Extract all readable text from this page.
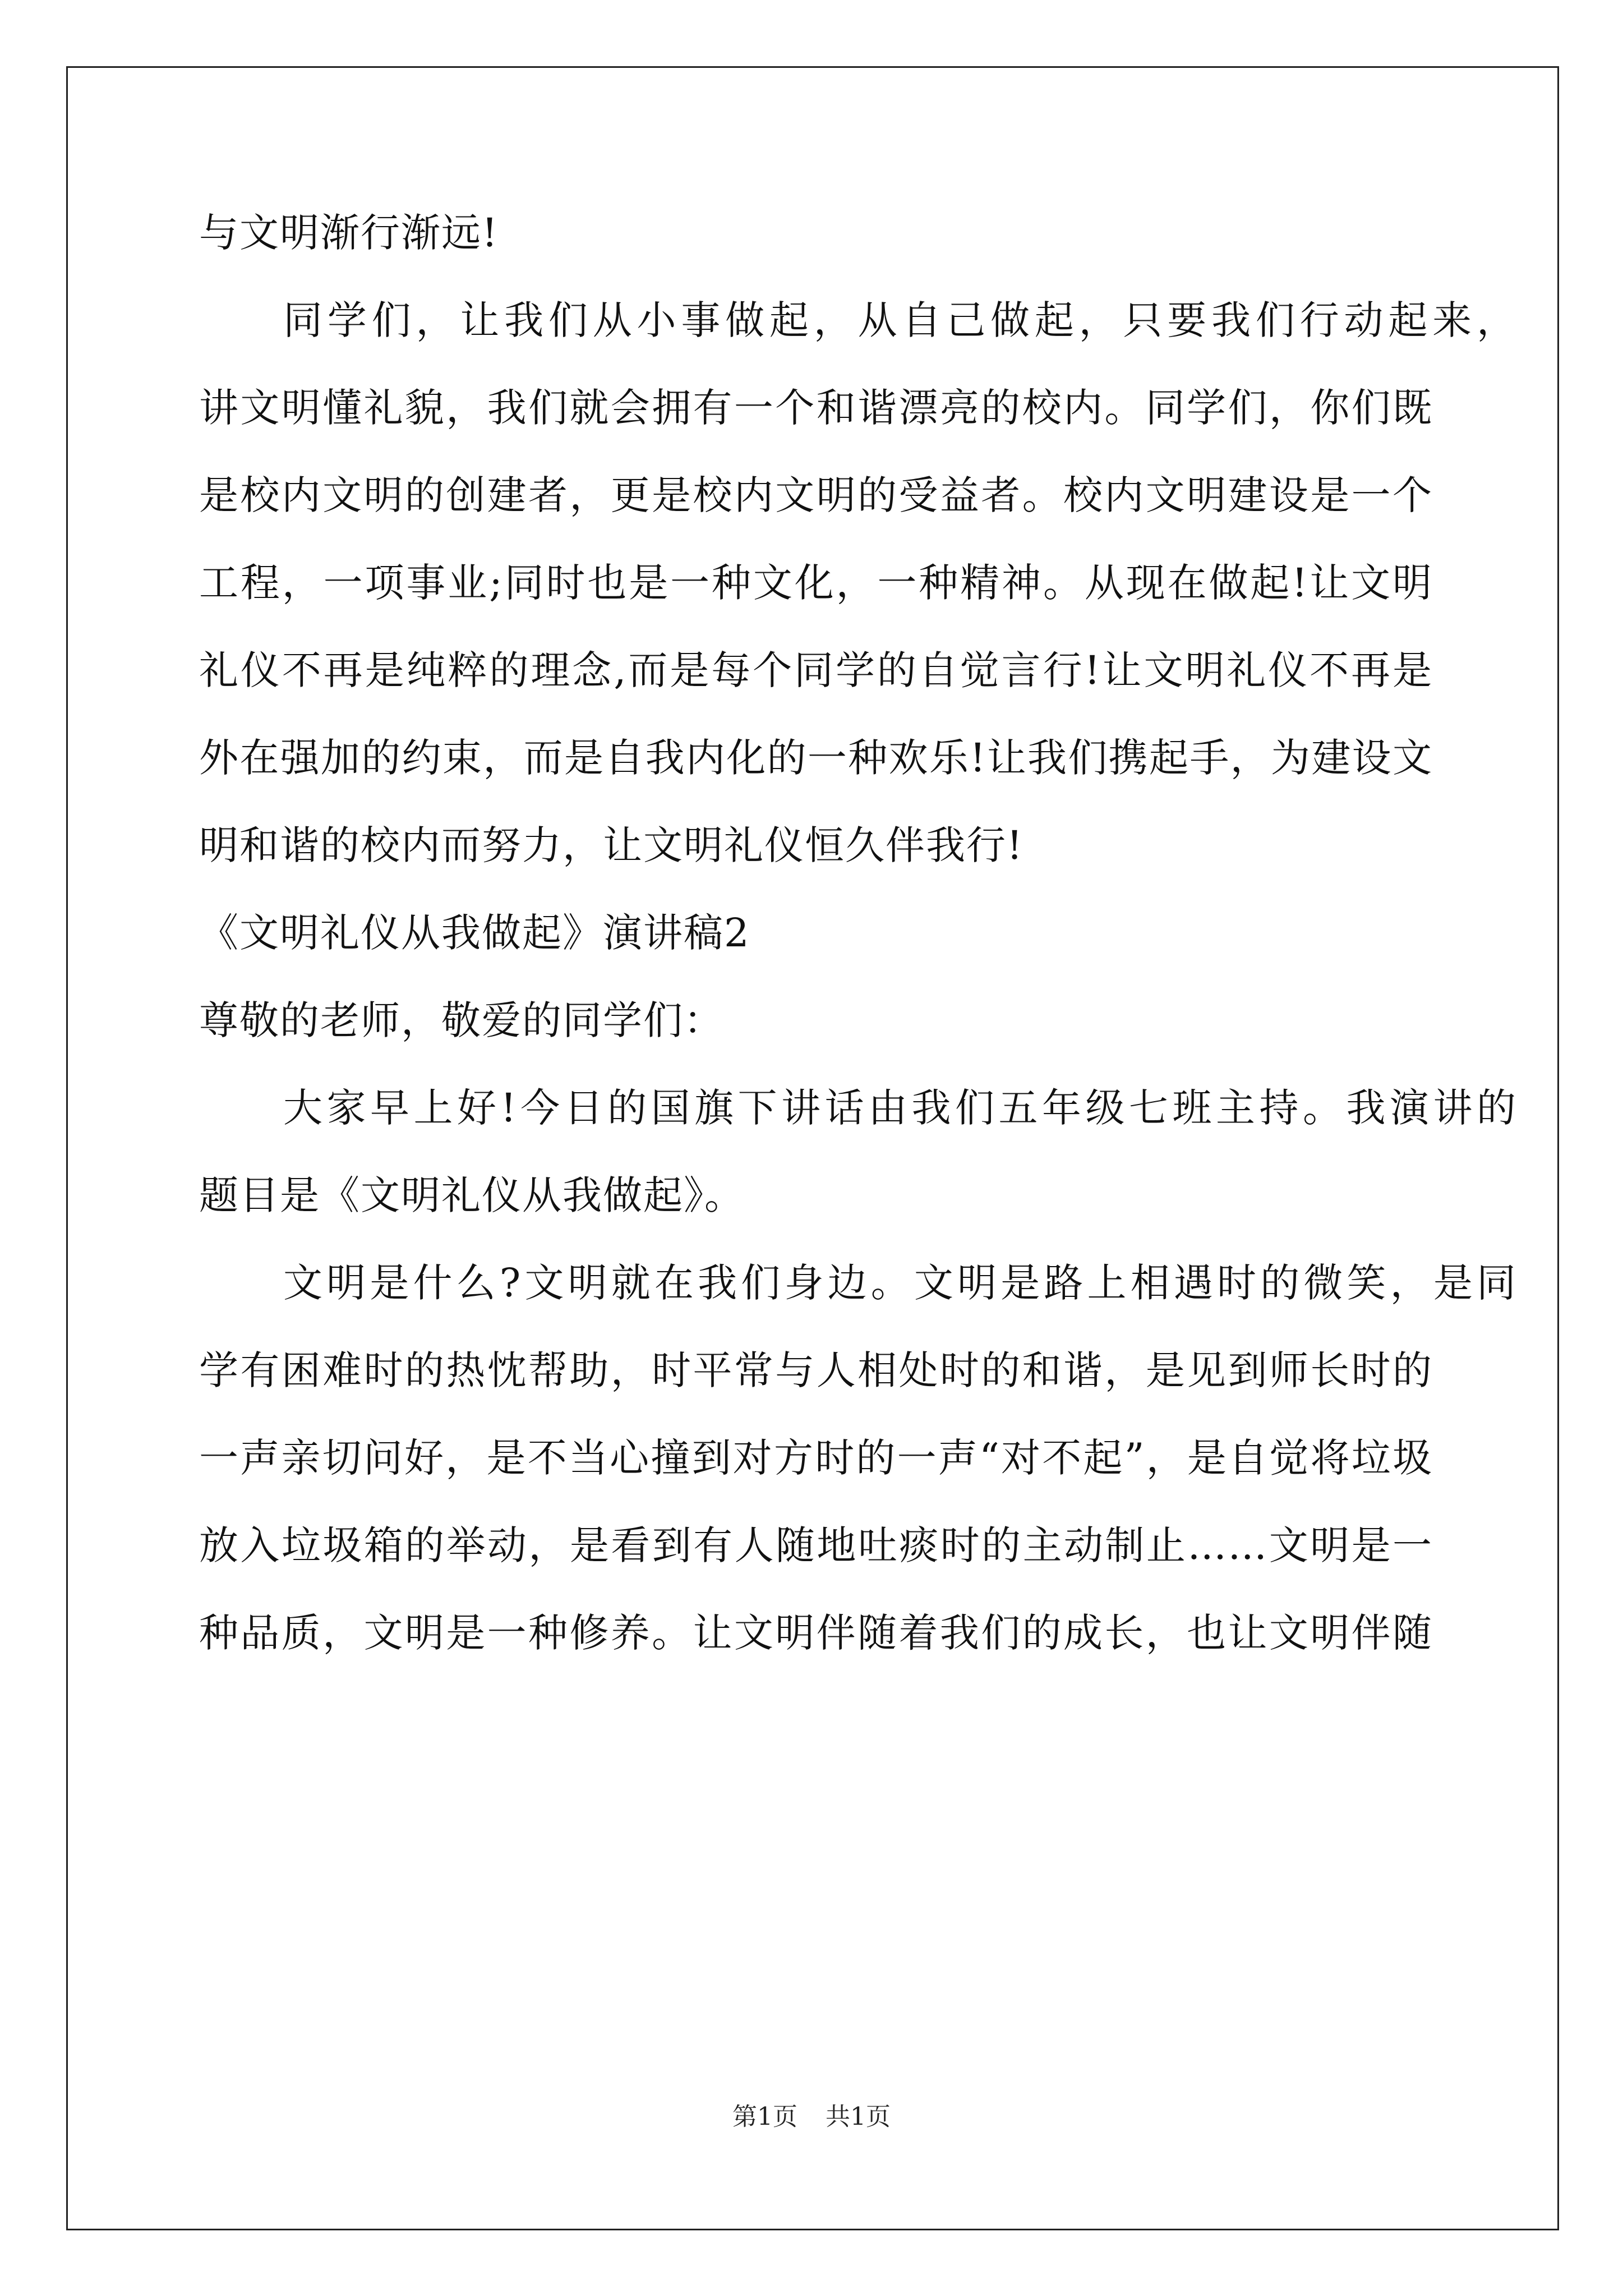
与文明渐行渐远!
同学们，让我们从小事做起，从自己做起，只要我们行动起来，
讲文明懂礼貌，我们就会拥有一个和谐漂亮的校内。同学们，你们既
是校内文明的创建者，更是校内文明的受益者。校内文明建设是一个
工程，一项事业;同时也是一种文化，一种精神。从现在做起!让文明
礼仪不再是纯粹的理念,而是每个同学的自觉言行!让文明礼仪不再是
外在强加的约束，而是自我内化的一种欢乐!让我们携起手，为建设文
明和谐的校内而努力，让文明礼仪恒久伴我行!
《文明礼仪从我做起》演讲稿2
尊敬的老师，敬爱的同学们：
大家早上好!今日的国旗下讲话由我们五年级七班主持。我演讲的
题目是《文明礼仪从我做起》。
文明是什么?文明就在我们身边。文明是路上相遇时的微笑，是同
学有困难时的热忱帮助，时平常与人相处时的和谐，是见到师长时的
一声亲切问好，是不当心撞到对方时的一声“对不起”，是自觉将垃圾
放入垃圾箱的举动，是看到有人随地吐痰时的主动制止……文明是一
种品质，文明是一种修养。让文明伴随着我们的成长，也让文明伴随
第1页 共1页
